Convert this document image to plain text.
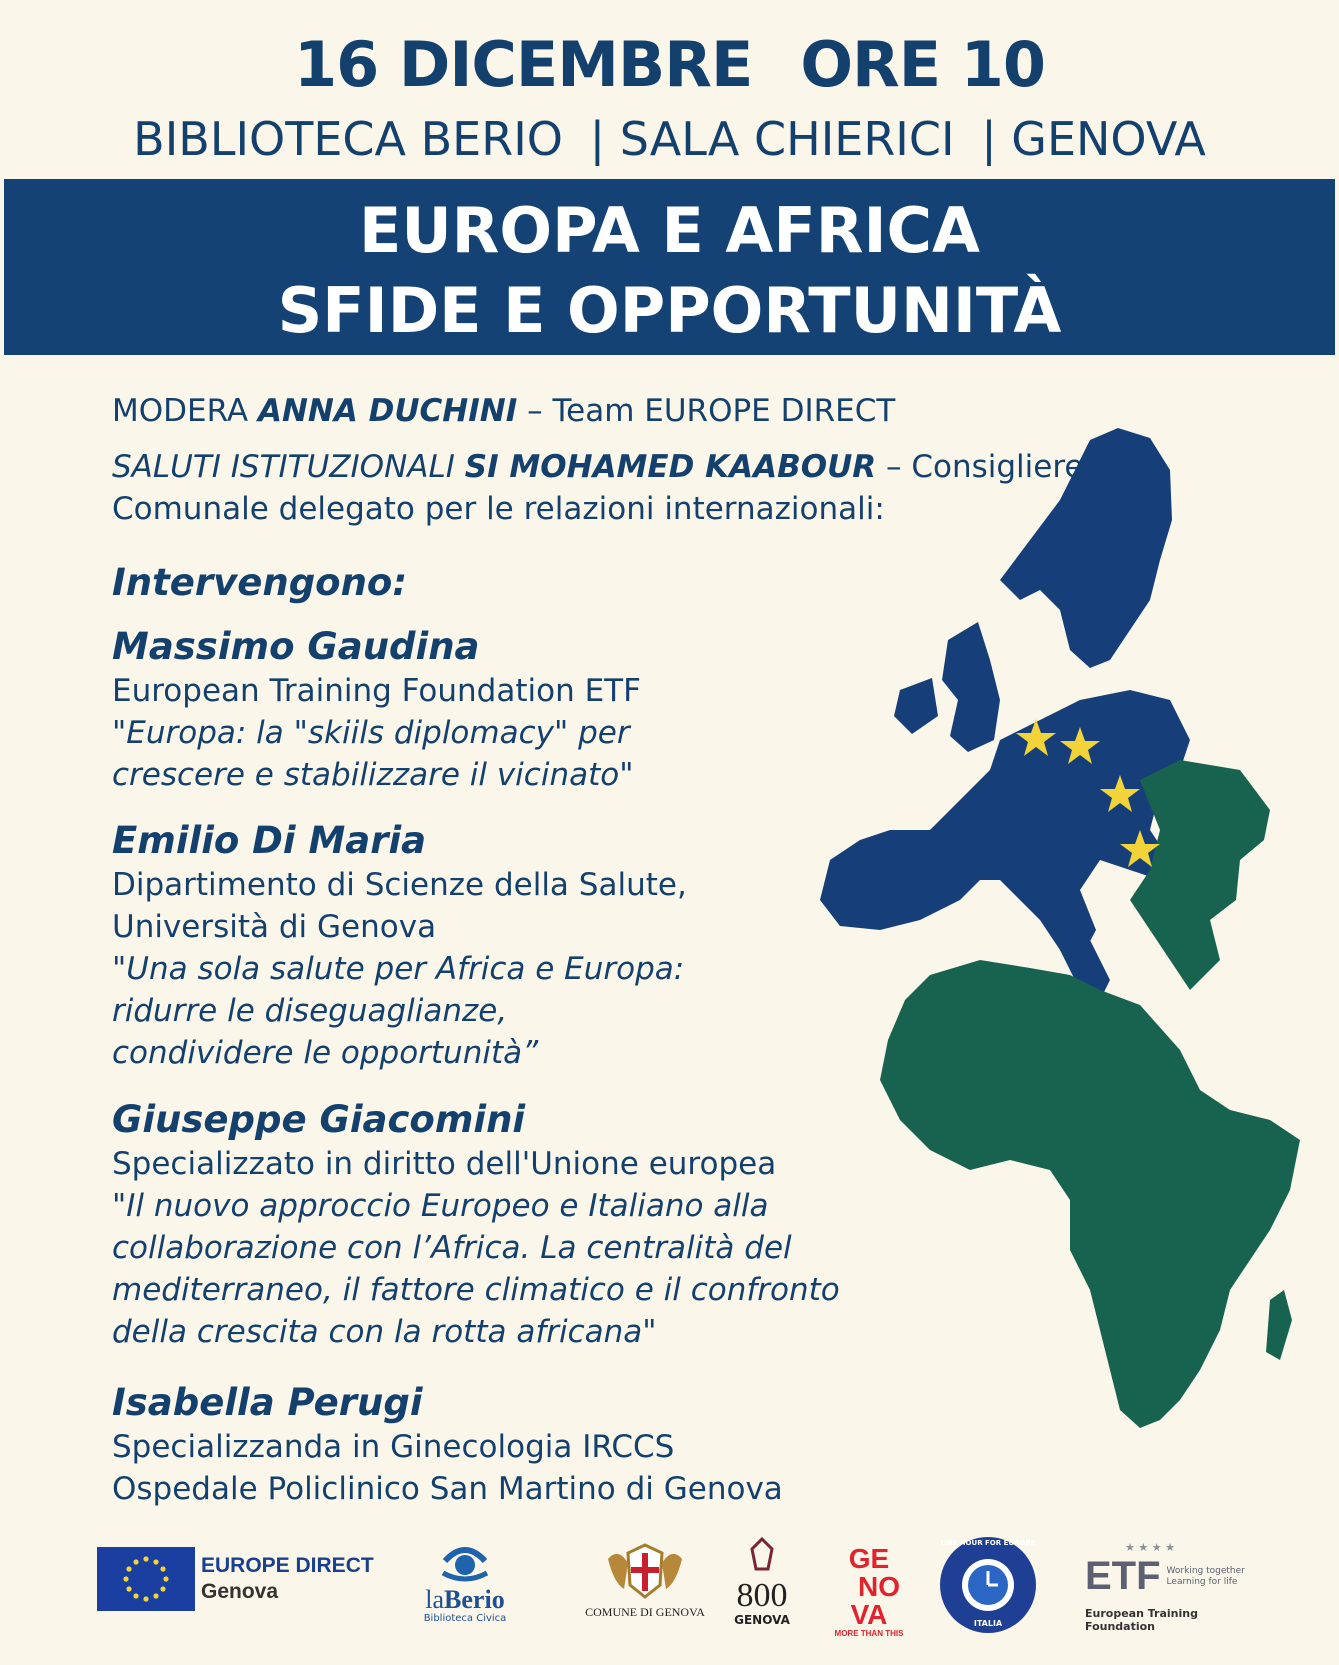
16 DICEMBRE ORE 10
BIBLIOTECA BERIO | SALA CHIERICI | GENOVA
EUROPA E AFRICA
SFIDE E OPPORTUNITÀ
MODERA ANNA DUCHINI – Team EUROPE DIRECT
SALUTI ISTITUZIONALI SI MOHAMED KAABOUR – Consigliere
Comunale delegato per le relazioni internazionali:
Intervengono:
Massimo Gaudina
European Training Foundation ETF
"Europa: la "skiils diplomacy" per
crescere e stabilizzare il vicinato"
Emilio Di Maria
Dipartimento di Scienze della Salute,
Università di Genova
"Una sola salute per Africa e Europa:
ridurre le diseguaglianze,
condividere le opportunità”
Giuseppe Giacomini
Specializzato in diritto dell'Unione europea
"Il nuovo approccio Europeo e Italiano alla
collaborazione con l’Africa. La centralità del
mediterraneo, il fattore climatico e il confronto
della crescita con la rotta africana"
Isabella Perugi
Specializzanda in Ginecologia IRCCS
Ospedale Policlinico San Martino di Genova
EUROPE DIRECT
Genova	laBerio
Biblioteca Civica	COMUNE DI GENOVA 800
GENOVA
GE
NO
VA
MORE THAN THIS
ONE HOUR FOR EUROPE
ITALIA
★ ★ ★ ★
ETF Working together
Learning for life
European Training Foundation
